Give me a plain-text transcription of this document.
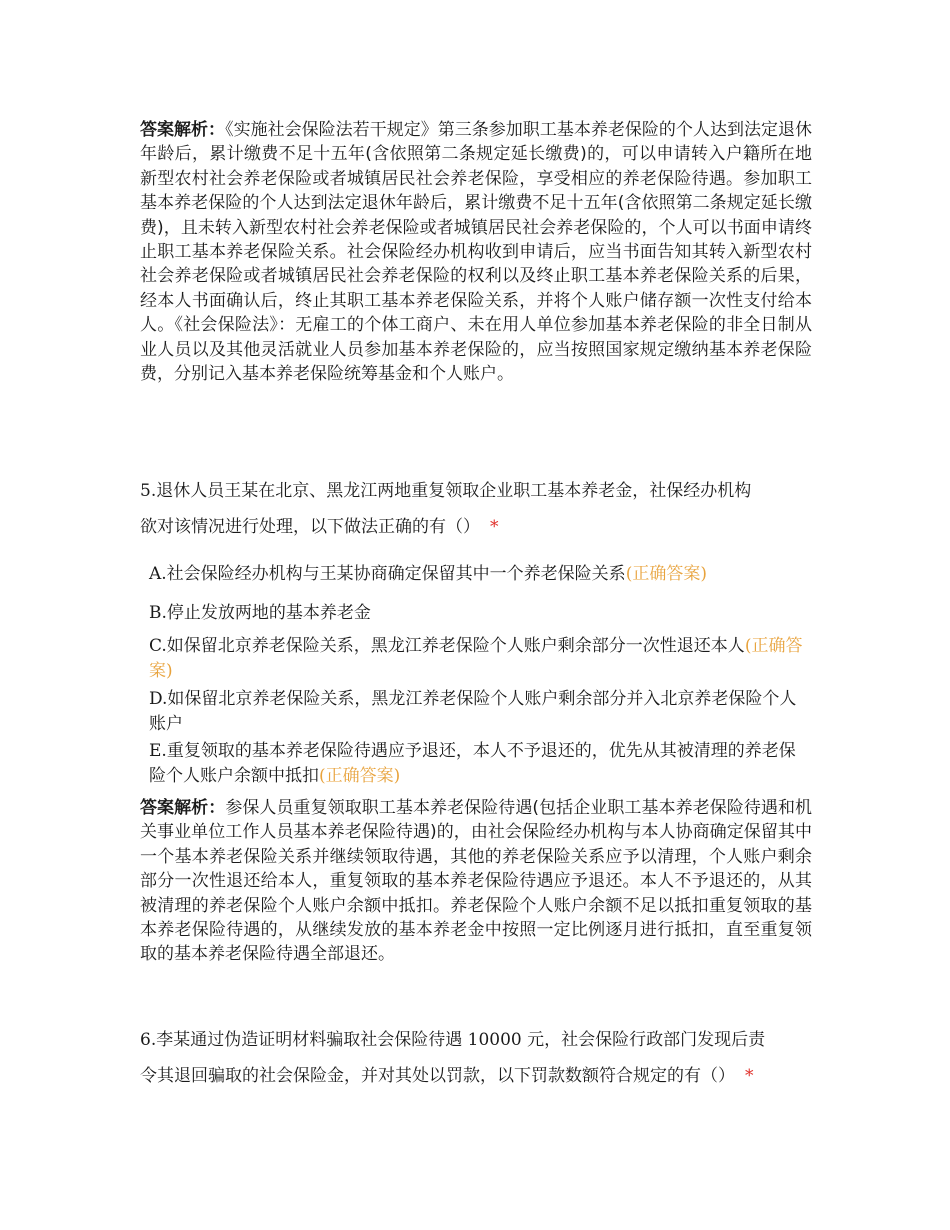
答案解析：《实施社会保险法若干规定》第三条参加职工基本养老保险的个人达到法定退休年龄后，累计缴费不足十五年(含依照第二条规定延长缴费)的，可以申请转入户籍所在地新型农村社会养老保险或者城镇居民社会养老保险，享受相应的养老保险待遇。参加职工基本养老保险的个人达到法定退休年龄后，累计缴费不足十五年(含依照第二条规定延长缴费)，且未转入新型农村社会养老保险或者城镇居民社会养老保险的，个人可以书面申请终止职工基本养老保险关系。社会保险经办机构收到申请后，应当书面告知其转入新型农村社会养老保险或者城镇居民社会养老保险的权利以及终止职工基本养老保险关系的后果，经本人书面确认后，终止其职工基本养老保险关系，并将个人账户储存额一次性支付给本人。《社会保险法》：无雇工的个体工商户、未在用人单位参加基本养老保险的非全日制从业人员以及其他灵活就业人员参加基本养老保险的，应当按照国家规定缴纳基本养老保险费，分别记入基本养老保险统筹基金和个人账户。

5.退休人员王某在北京、黑龙江两地重复领取企业职工基本养老金，社保经办机构
欲对该情况进行处理，以下做法正确的有（） *
A.社会保险经办机构与王某协商确定保留其中一个养老保险关系(正确答案)
B.停止发放两地的基本养老金
C.如保留北京养老保险关系，黑龙江养老保险个人账户剩余部分一次性退还本人(正确答案)
D.如保留北京养老保险关系，黑龙江养老保险个人账户剩余部分并入北京养老保险个人账户
E.重复领取的基本养老保险待遇应予退还，本人不予退还的，优先从其被清理的养老保险个人账户余额中抵扣(正确答案)

答案解析：参保人员重复领取职工基本养老保险待遇(包括企业职工基本养老保险待遇和机关事业单位工作人员基本养老保险待遇)的，由社会保险经办机构与本人协商确定保留其中一个基本养老保险关系并继续领取待遇，其他的养老保险关系应予以清理，个人账户剩余部分一次性退还给本人，重复领取的基本养老保险待遇应予退还。本人不予退还的，从其被清理的养老保险个人账户余额中抵扣。养老保险个人账户余额不足以抵扣重复领取的基本养老保险待遇的，从继续发放的基本养老金中按照一定比例逐月进行抵扣，直至重复领取的基本养老保险待遇全部退还。

6.李某通过伪造证明材料骗取社会保险待遇 10000 元，社会保险行政部门发现后责
令其退回骗取的社会保险金，并对其处以罚款，以下罚款数额符合规定的有（） *
